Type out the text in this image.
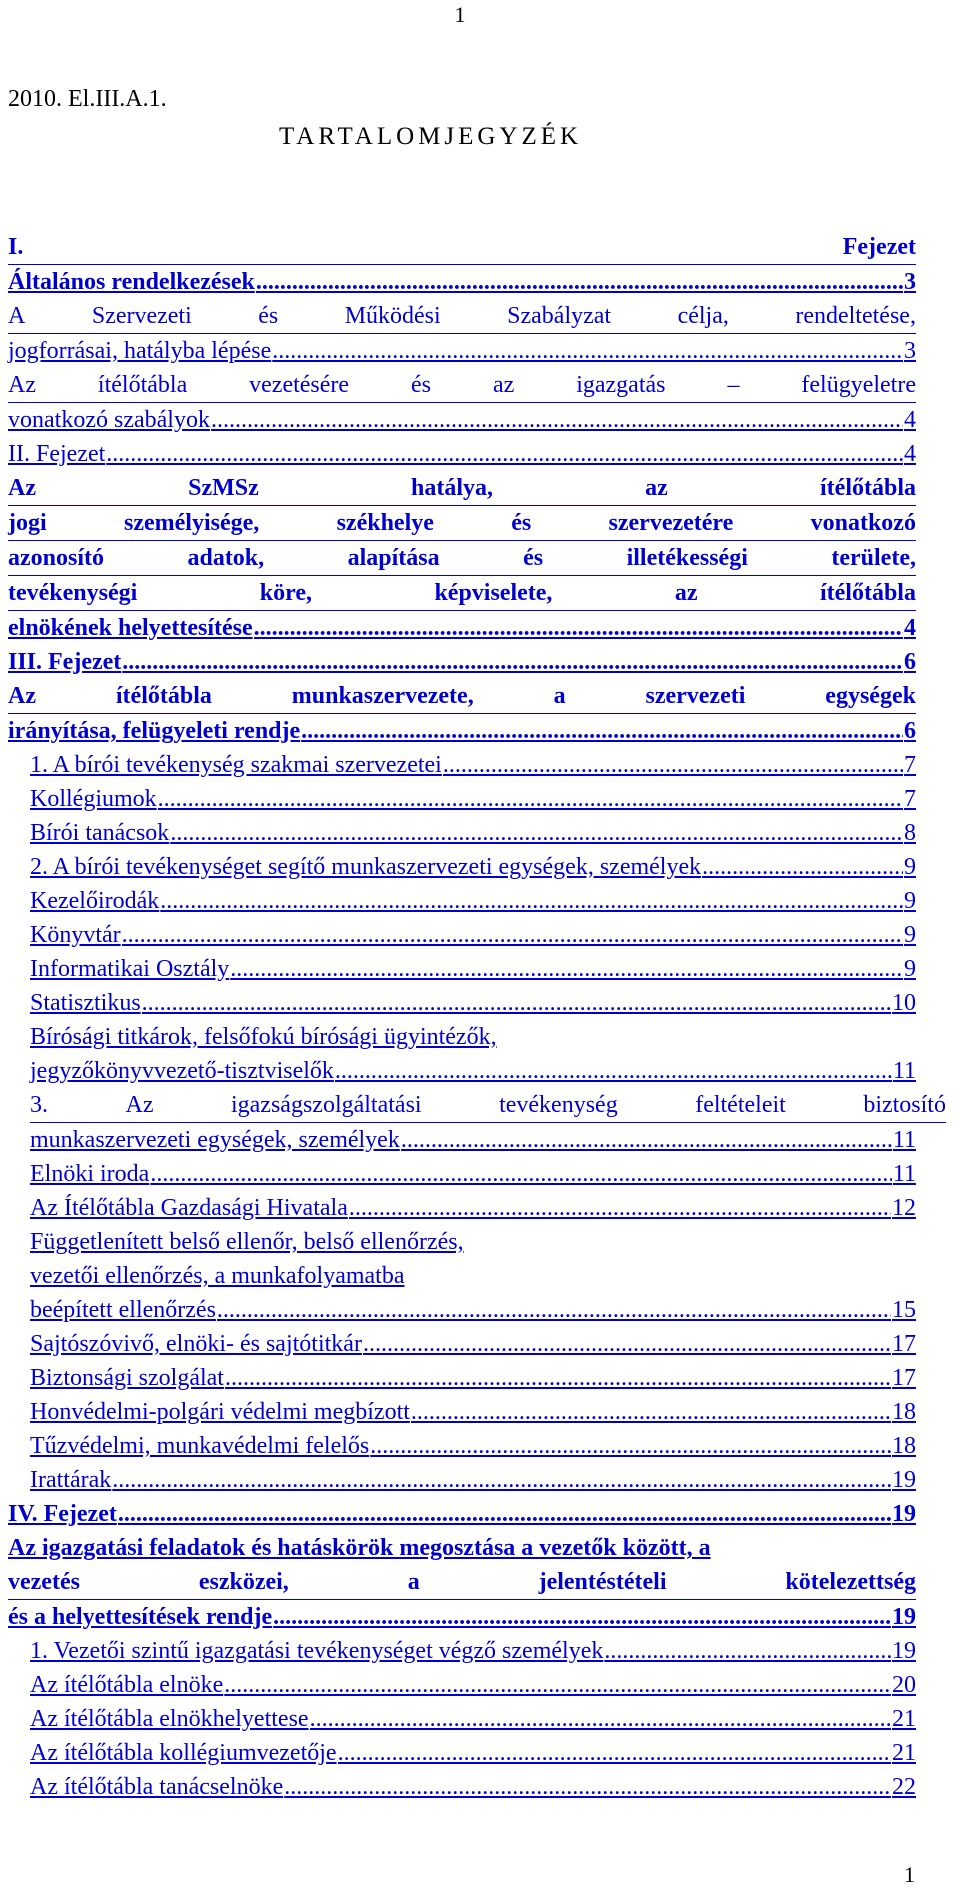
1
2010. El.III.A.1.
TARTALOMJEGYZÉK
I.	Fejezet
Általános rendelkezések .....	3
A	Szervezeti	és	Működési	Szabályzat	célja,	rendeltetése,
jogforrásai, hatályba lépése .....	3
Az	ítélőtábla	vezetésére	és	az	igazgatás	–	felügyeletre
vonatkozó szabályok .....	4
II. Fejezet .....	4
Az	SzMSz	hatálya,	az	ítélőtábla
jogi	személyisége,	székhelye	és	szervezetére	vonatkozó
azonosító	adatok,	alapítása	és	illetékességi	területe,
tevékenységi	köre,	képviselete,	az	ítélőtábla
elnökének helyettesítése .....	4
III. Fejezet .....	6
Az	ítélőtábla	munkaszervezete,	a	szervezeti	egységek
irányítása, felügyeleti rendje .....	6
1. A bírói tevékenység szakmai szervezetei .....	7
Kollégiumok .....	7
Bírói tanácsok .....	8
2. A bírói tevékenységet segítő munkaszervezeti egységek, személyek .....	9
Kezelőirodák .....	9
Könyvtár .....	9
Informatikai Osztály .....	9
Statisztikus .....	10
Bírósági titkárok, felsőfokú bírósági ügyintézők,
jegyzőkönyvvezető-tisztviselők .....	11
3.	Az	igazságszolgáltatási	tevékenység	feltételeit	biztosító
munkaszervezeti egységek, személyek .....	11
Elnöki iroda .....	11
Az Ítélőtábla Gazdasági Hivatala .....	12
Függetlenített belső ellenőr, belső ellenőrzés,
vezetői ellenőrzés, a munkafolyamatba
beépített ellenőrzés .....	15
Sajtószóvivő, elnöki- és sajtótitkár .....	17
Biztonsági szolgálat .....	17
Honvédelmi-polgári védelmi megbízott .....	18
Tűzvédelmi, munkavédelmi felelős .....	18
Irattárak .....	19
IV. Fejezet .....	19
Az igazgatási feladatok és hatáskörök megosztása a vezetők között, a
vezetés	eszközei,	a	jelentéstételi	kötelezettség
és a helyettesítések rendje .....	19
1. Vezetői szintű igazgatási tevékenységet végző személyek .....	19
Az ítélőtábla elnöke .....	20
Az ítélőtábla elnökhelyettese .....	21
Az ítélőtábla kollégiumvezetője .....	21
Az ítélőtábla tanácselnöke .....	22
1
